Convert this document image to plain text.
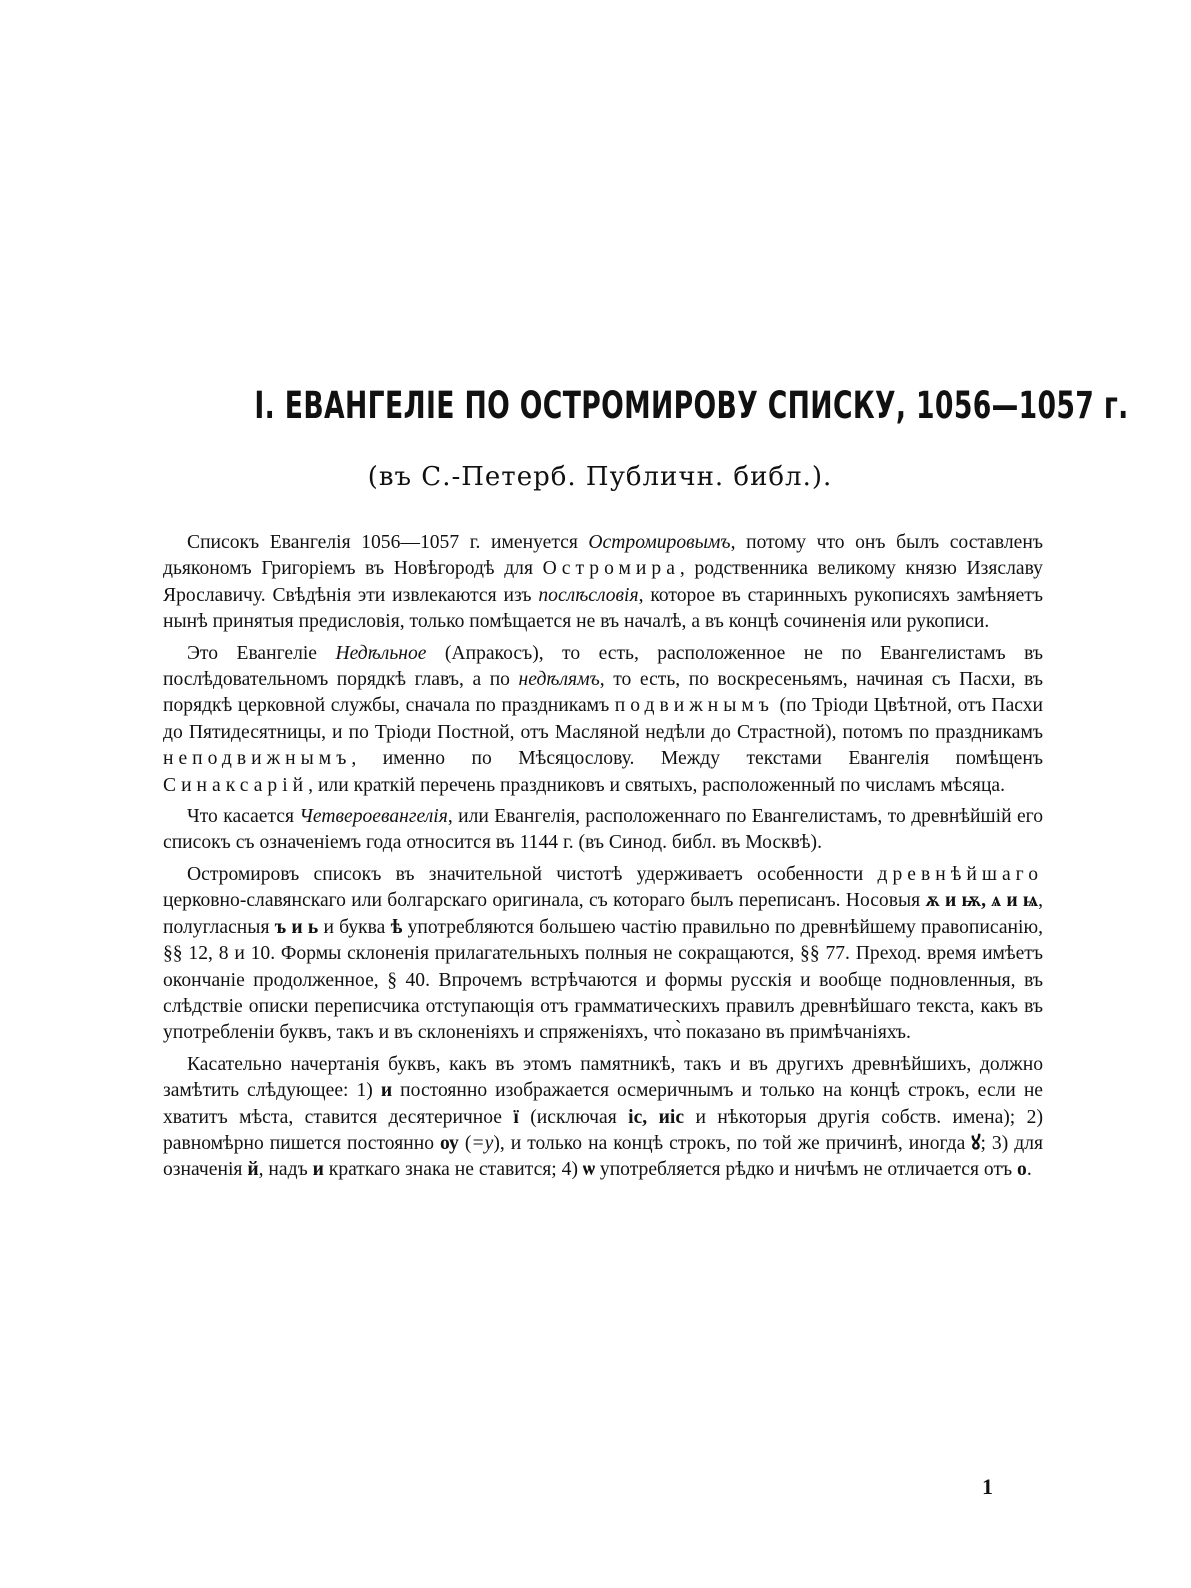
I. ЕВАНГЕЛIЕ ПО ОСТРОМИРОВУ СПИСКУ, 1056—1057 г.
(въ С.-Петерб. Публичн. библ.).

Списокъ Евангелія 1056—1057 г. именуется Остромировымъ, потому что онъ былъ составленъ дьякономъ Григоріемъ въ Новѣгородѣ для Остромира, родственника великому князю Изяславу Ярославичу. Свѣдѣнія эти извлекаются изъ послѣсловія, которое въ старинныхъ рукописяхъ замѣняетъ нынѣ принятыя предисловія, только помѣщается не въ началѣ, а въ концѣ сочиненія или рукописи.

Это Евангеліе Недѣльное (Апракосъ), то есть, расположенное не по Евангелистамъ въ послѣдовательномъ порядкѣ главъ, а по недѣлямъ, то есть, по воскресеньямъ, начиная съ Пасхи, въ порядкѣ церковной службы, сначала по праздникамъ подвижнымъ (по Тріоди Цвѣтной, отъ Пасхи до Пятидесятницы, и по Тріоди Постной, отъ Масляной недѣли до Страстной), потомъ по праздникамъ неподвижнымъ, именно по Мѣсяцослову. Между текстами Евангелія помѣщенъ Синаксарій, или краткій перечень праздниковъ и святыхъ, расположенный по числамъ мѣсяца.

Что касается Четвероевангелія, или Евангелія, расположеннаго по Евангелистамъ, то древнѣйшій его списокъ съ означеніемъ года относится въ 1144 г. (въ Синод. библ. въ Москвѣ).

Остромировъ списокъ въ значительной чистотѣ удерживаетъ особенности древнѣйшаго церковно-славянскаго или болгарскаго оригинала, съ котораго былъ переписанъ. Носовыя ѫ и ѭ, ѧ и ѩ, полугласныя ъ и ь и буква ѣ употребляются большею частію правильно по древнѣйшему правописанію, §§ 12, 8 и 10. Формы склоненія прилагательныхъ полныя не сокращаются, §§ 77. Преход. время имѣетъ окончаніе продолженное, § 40. Впрочемъ встрѣчаются и формы русскія и вообще подновленныя, въ слѣдствіе описки переписчика отступающія отъ грамматическихъ правилъ древнѣйшаго текста, какъ въ употребленіи буквъ, такъ и въ склоненіяхъ и спряженіяхъ, что̀ показано въ примѣчаніяхъ.

Касательно начертанія буквъ, какъ въ этомъ памятникѣ, такъ и въ другихъ древнѣйшихъ, должно замѣтить слѣдующее: 1) и постоянно изображается осмеричнымъ и только на концѣ строкъ, если не хватитъ мѣста, ставится десятеричное ї (исключая ic, иic и нѣкоторыя другія собств. имена); 2) равномѣрно пишется постоянно оу (=у), и только на концѣ строкъ, по той же причинѣ, иногда ꙋ; 3) для означенія й, надъ и краткаго знака не ставится; 4) ѡ употребляется рѣдко и ничѣмъ не отличается отъ о.

1
